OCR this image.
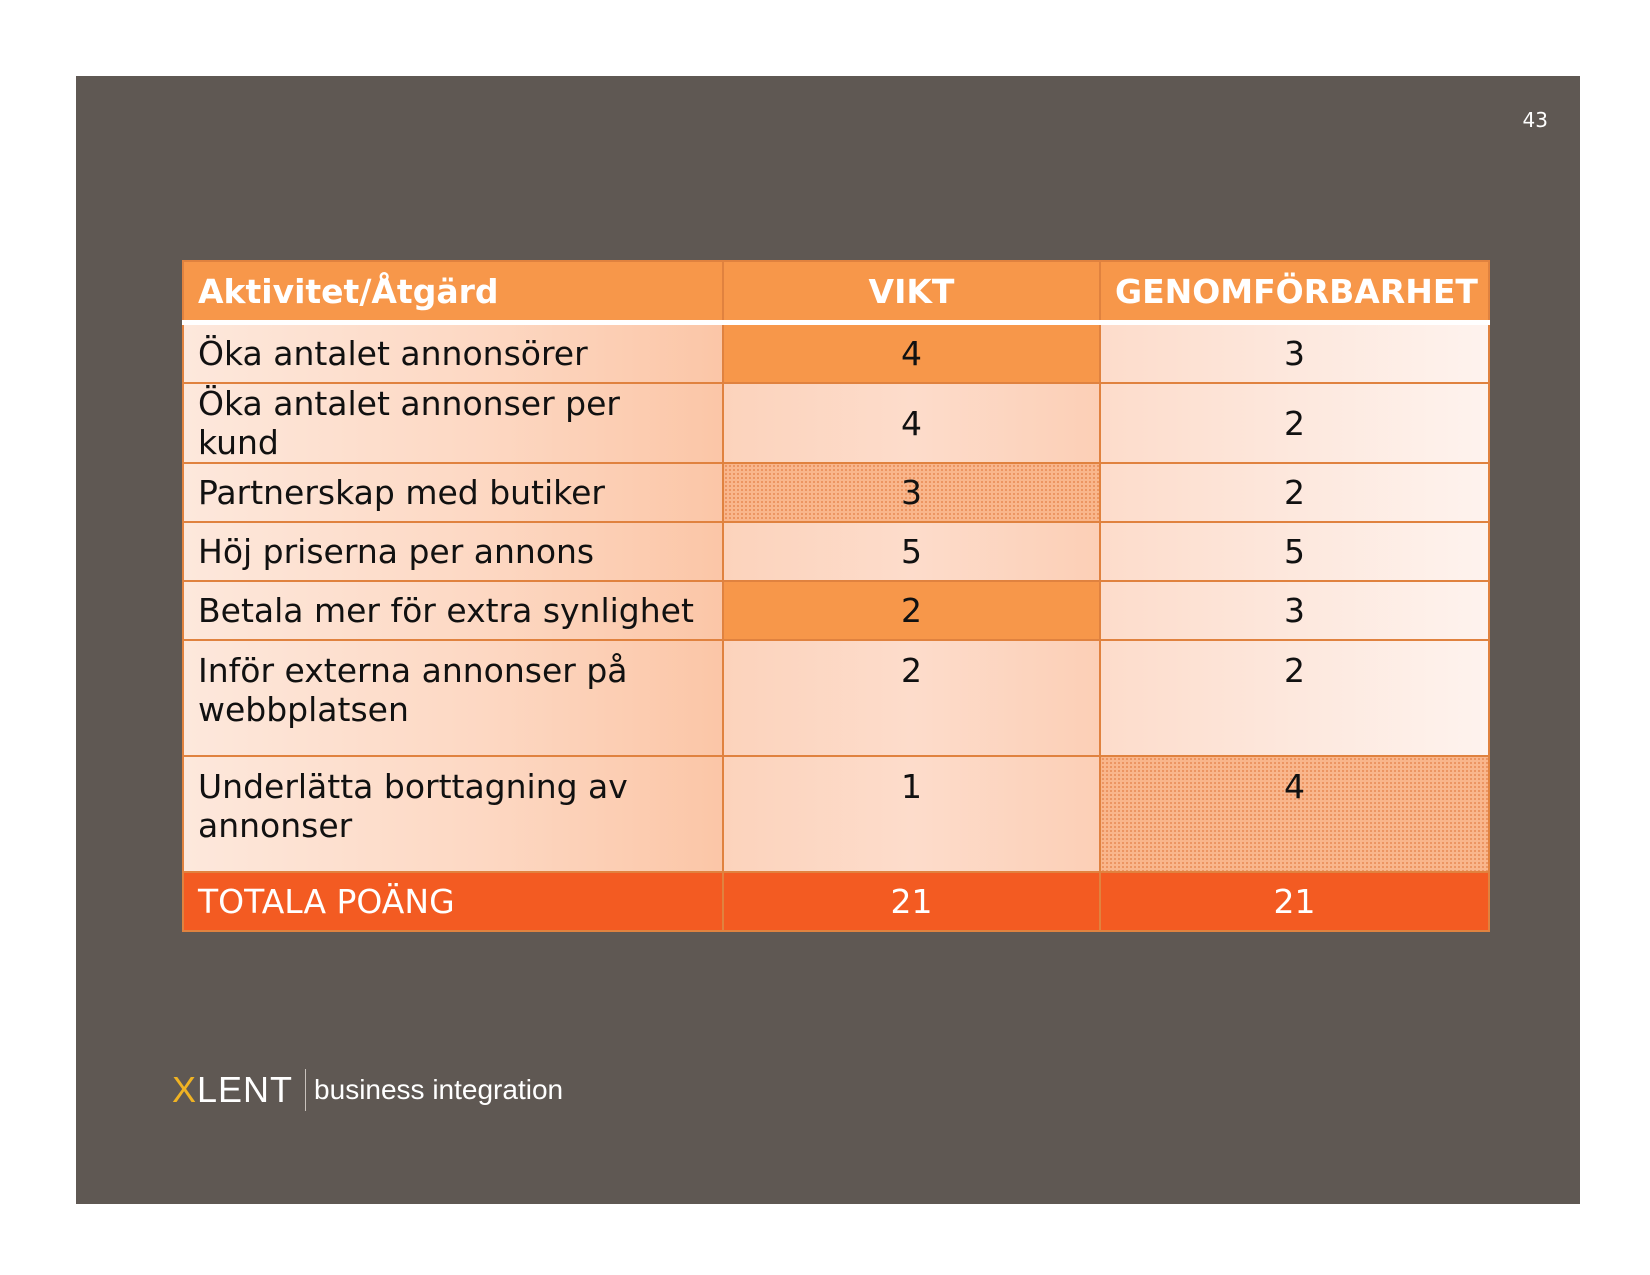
43
Aktivitet/Åtgärd	VIKT	GENOMFÖRBARHET
Öka antalet annonsörer	4	3
Öka antalet annonser per kund	4	2
Partnerskap med butiker	3	2
Höj priserna per annons	5	5
Betala mer för extra synlighet	2	3
Inför externa annonser på webbplatsen	2	2
Underlätta borttagning av annonser	1	4
TOTALA POÄNG	21	21
XLENT business integration
